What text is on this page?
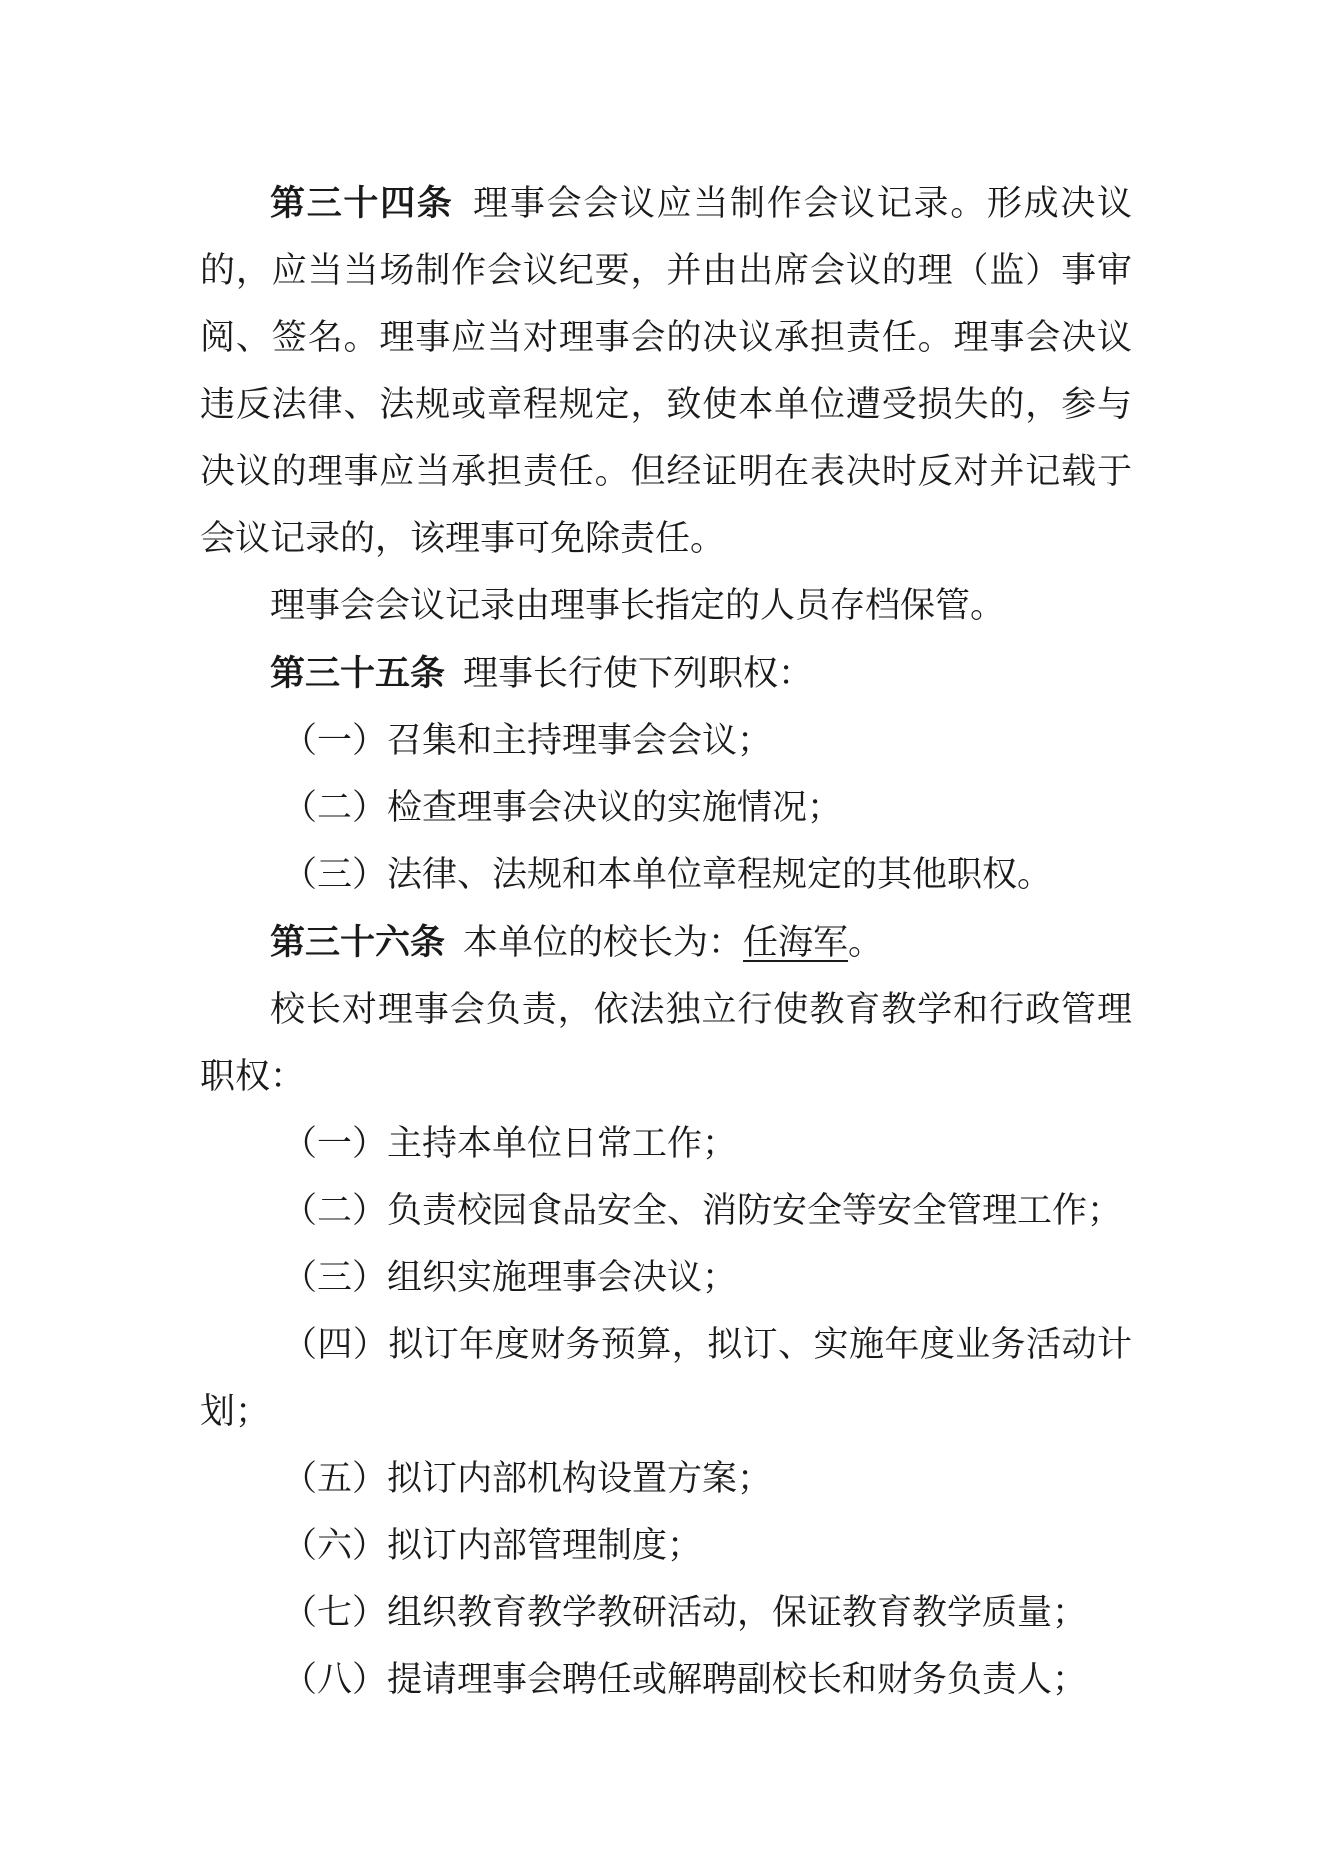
第三十四条 理事会会议应当制作会议记录。形成决议的，应当当场制作会议纪要，并由出席会议的理（监）事审阅、签名。理事应当对理事会的决议承担责任。理事会决议违反法律、法规或章程规定，致使本单位遭受损失的，参与决议的理事应当承担责任。但经证明在表决时反对并记载于会议记录的，该理事可免除责任。

理事会会议记录由理事长指定的人员存档保管。

第三十五条 理事长行使下列职权：

（一）召集和主持理事会会议；

（二）检查理事会决议的实施情况；

（三）法律、法规和本单位章程规定的其他职权。

第三十六条 本单位的校长为：任海军。

校长对理事会负责，依法独立行使教育教学和行政管理职权：

（一）主持本单位日常工作；

（二）负责校园食品安全、消防安全等安全管理工作；

（三）组织实施理事会决议；

（四）拟订年度财务预算，拟订、实施年度业务活动计划；

（五）拟订内部机构设置方案；

（六）拟订内部管理制度；

（七）组织教育教学教研活动，保证教育教学质量；

（八）提请理事会聘任或解聘副校长和财务负责人；
